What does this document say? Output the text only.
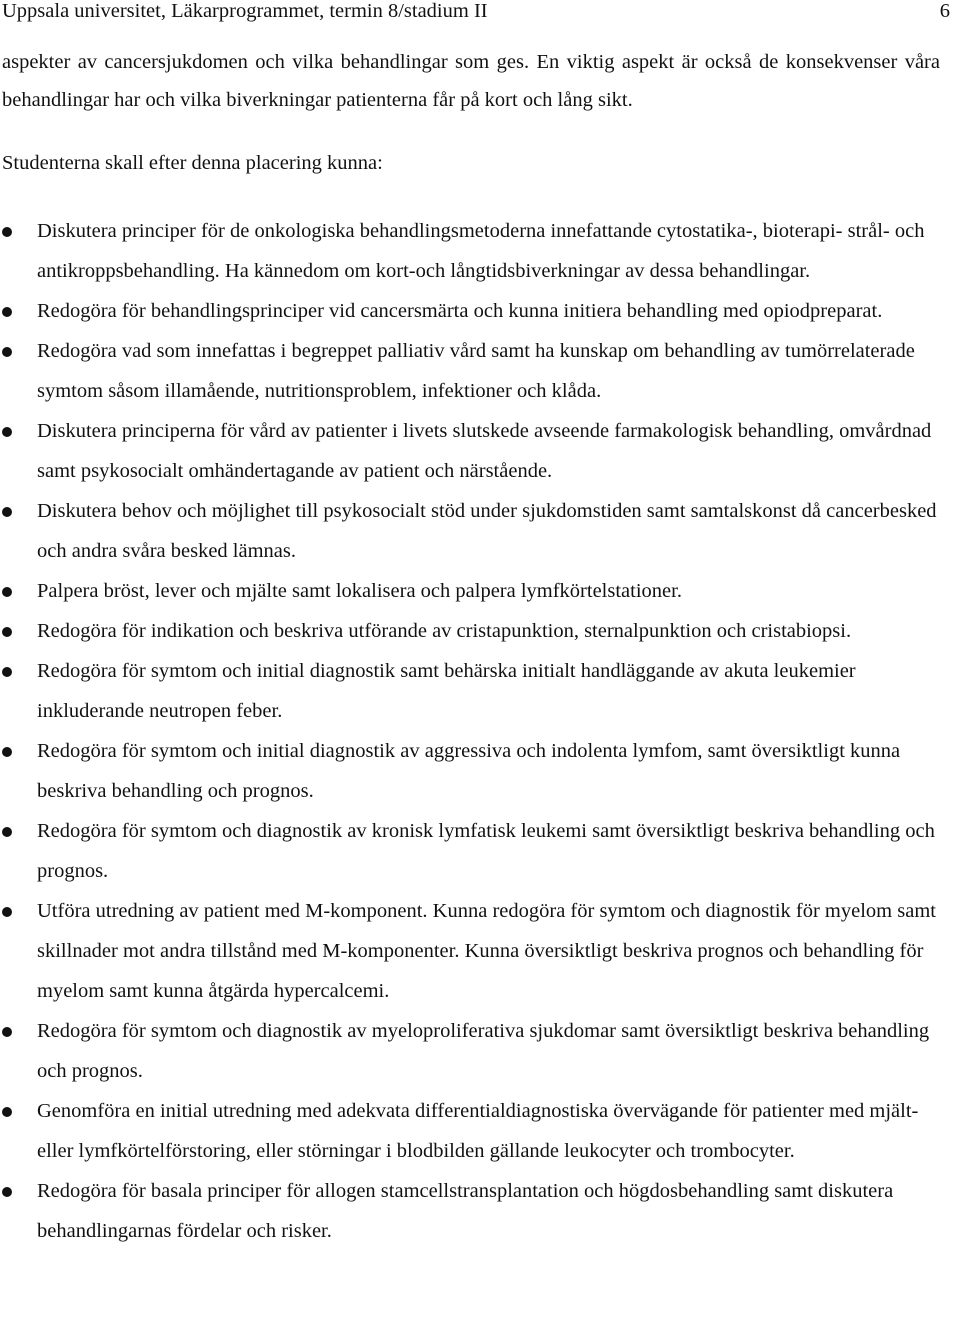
Uppsala universitet, Läkarprogrammet, termin 8/stadium II	6
aspekter av cancersjukdomen och vilka behandlingar som ges. En viktig aspekt är också de konsekvenser våra behandlingar har och vilka biverkningar patienterna får på kort och lång sikt.
Studenterna skall efter denna placering kunna:
Diskutera principer för de onkologiska behandlingsmetoderna innefattande cytostatika-, bioterapi- strål- och antikroppsbehandling. Ha kännedom om kort-och långtidsbiverkningar av dessa behandlingar.
Redogöra för behandlingsprinciper vid cancersmärta och kunna initiera behandling med opiodpreparat.
Redogöra vad som innefattas i begreppet palliativ vård samt ha kunskap om behandling av tumörrelaterade symtom såsom illamående, nutritionsproblem, infektioner och klåda.
Diskutera principerna för vård av patienter i livets slutskede avseende farmakologisk behandling, omvårdnad samt psykosocialt omhändertagande av patient och närstående.
Diskutera behov och möjlighet till psykosocialt stöd under sjukdomstiden samt samtalskonst då cancerbesked och andra svåra besked lämnas.
Palpera bröst, lever och mjälte samt lokalisera och palpera lymfkörtelstationer.
Redogöra för indikation och beskriva utförande av cristapunktion, sternalpunktion och cristabiopsi.
Redogöra för symtom och initial diagnostik samt behärska initialt handläggande av akuta leukemier inkluderande neutropen feber.
Redogöra för symtom och initial diagnostik av aggressiva och indolenta lymfom, samt översiktligt kunna beskriva behandling och prognos.
Redogöra för symtom och diagnostik av kronisk lymfatisk leukemi samt översiktligt beskriva behandling och prognos.
Utföra utredning av patient med M-komponent. Kunna redogöra för symtom och diagnostik för myelom samt skillnader mot andra tillstånd med M-komponenter. Kunna översiktligt beskriva prognos och behandling för myelom samt kunna åtgärda hypercalcemi.
Redogöra för symtom och diagnostik av myeloproliferativa sjukdomar samt översiktligt beskriva behandling och prognos.
Genomföra en initial utredning med adekvata differentialdiagnostiska övervägande för patienter med mjält- eller lymfkörtelförstoring, eller störningar i blodbilden gällande leukocyter och trombocyter.
Redogöra för basala principer för allogen stamcellstransplantation och högdosbehandling samt diskutera behandlingarnas fördelar och risker.
